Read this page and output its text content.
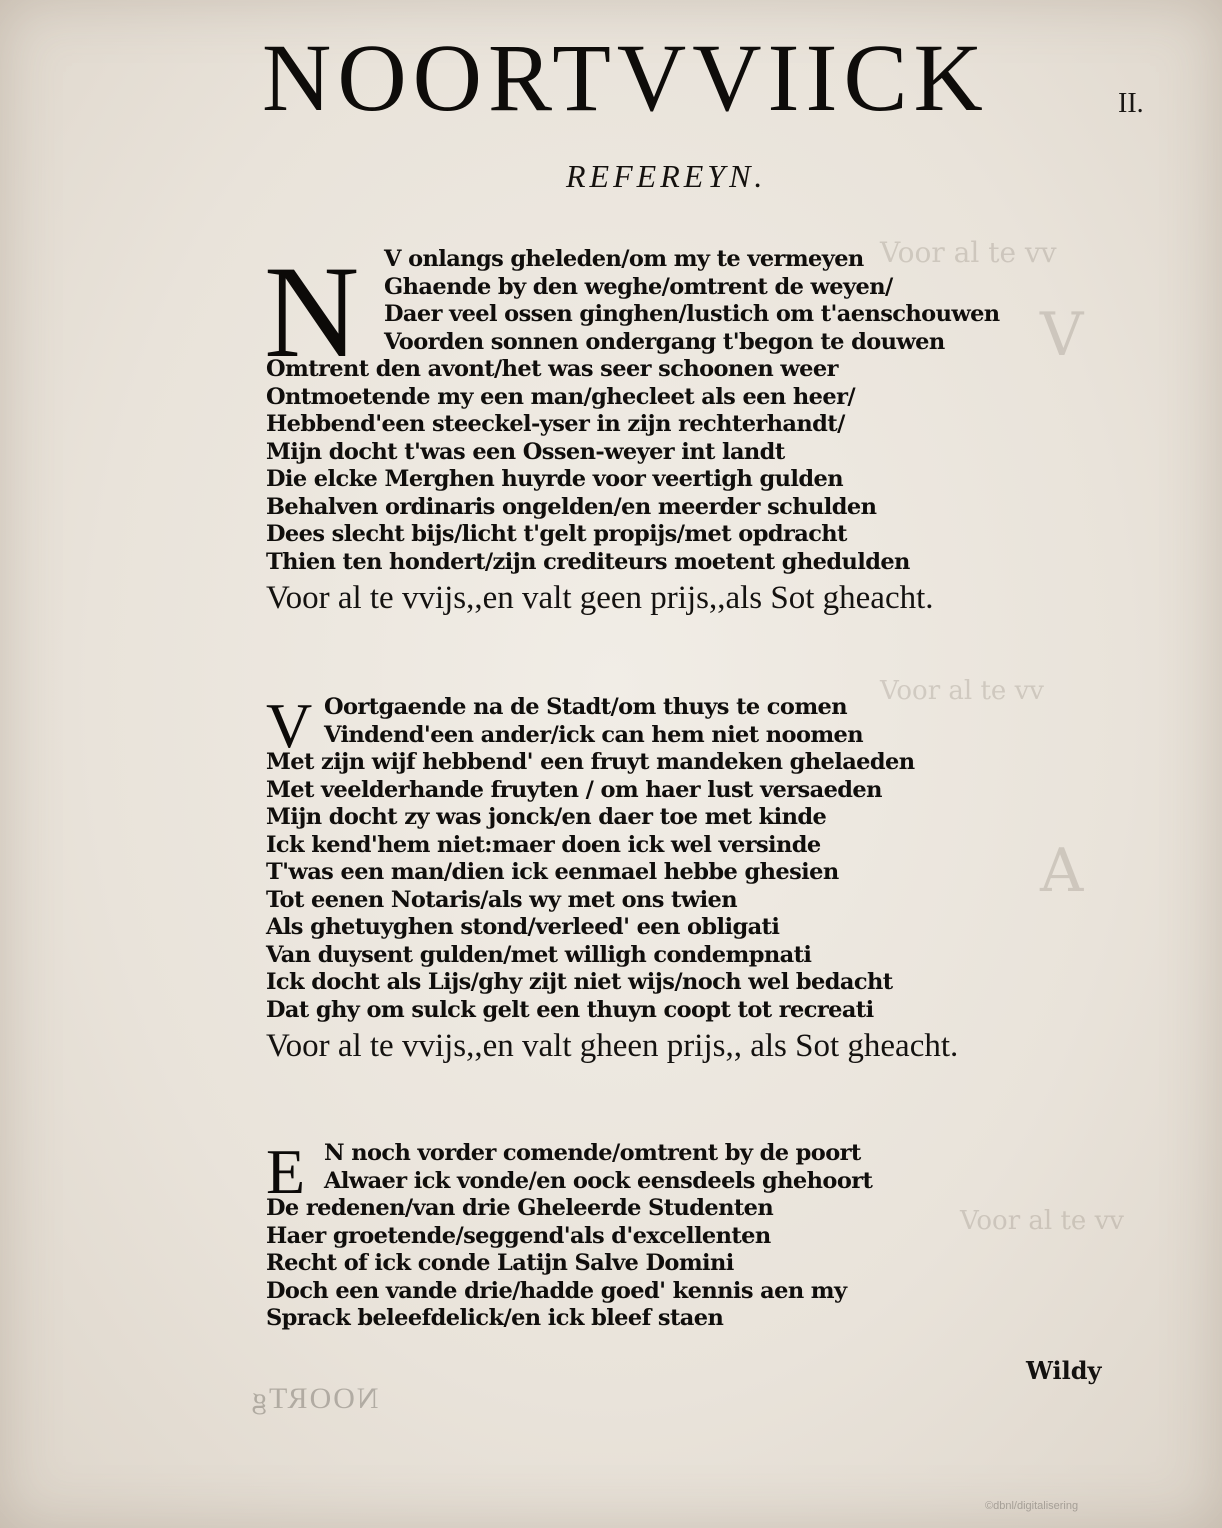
Voor al te vv
V
A
Voor al te vv
Voor al te vv
NOORTVVIICK	II.
REFEREYN.
N	V onlangs gheleden/om my te vermeyen
Ghaende by den weghe/omtrent de weyen/
Daer veel ossen ginghen/lustich om t'aenschouwen
Voorden sonnen ondergang t'begon te douwen
Omtrent den avont/het was seer schoonen weer
Ontmoetende my een man/ghecleet als een heer/
Hebbend'een steeckel-yser in zijn rechterhandt/
Mijn docht t'was een Ossen-weyer int landt
Die elcke Merghen huyrde voor veertigh gulden
Behalven ordinaris ongelden/en meerder schulden
Dees slecht bijs/licht t'gelt propijs/met opdracht
Thien ten hondert/zijn crediteurs moetent ghedulden
Voor al te vvijs,,en valt geen prijs,,als Sot gheacht.
V Oortgaende na de Stadt/om thuys te comen
Vindend'een ander/ick can hem niet noomen
Met zijn wijf hebbend' een fruyt mandeken ghelaeden
Met veelderhande fruyten / om haer lust versaeden
Mijn docht zy was jonck/en daer toe met kinde
Ick kend'hem niet:maer doen ick wel versinde
T'was een man/dien ick eenmael hebbe ghesien
Tot eenen Notaris/als wy met ons twien
Als ghetuyghen stond/verleed' een obligati
Van duysent gulden/met willigh condempnati
Ick docht als Lijs/ghy zijt niet wijs/noch wel bedacht
Dat ghy om sulck gelt een thuyn coopt tot recreati
Voor al te vvijs,,en valt gheen prijs,, als Sot gheacht.
E N noch vorder comende/omtrent by de poort
Alwaer ick vonde/en oock eensdeels ghehoort
De redenen/van drie Gheleerde Studenten
Haer groetende/seggend'als d'excellenten
Recht of ick conde Latijn Salve Domini
Doch een vande drie/hadde goed' kennis aen my
Sprack beleefdelick/en ick bleef staen
Wildy
NOORTg
©dbnl/digitalisering
